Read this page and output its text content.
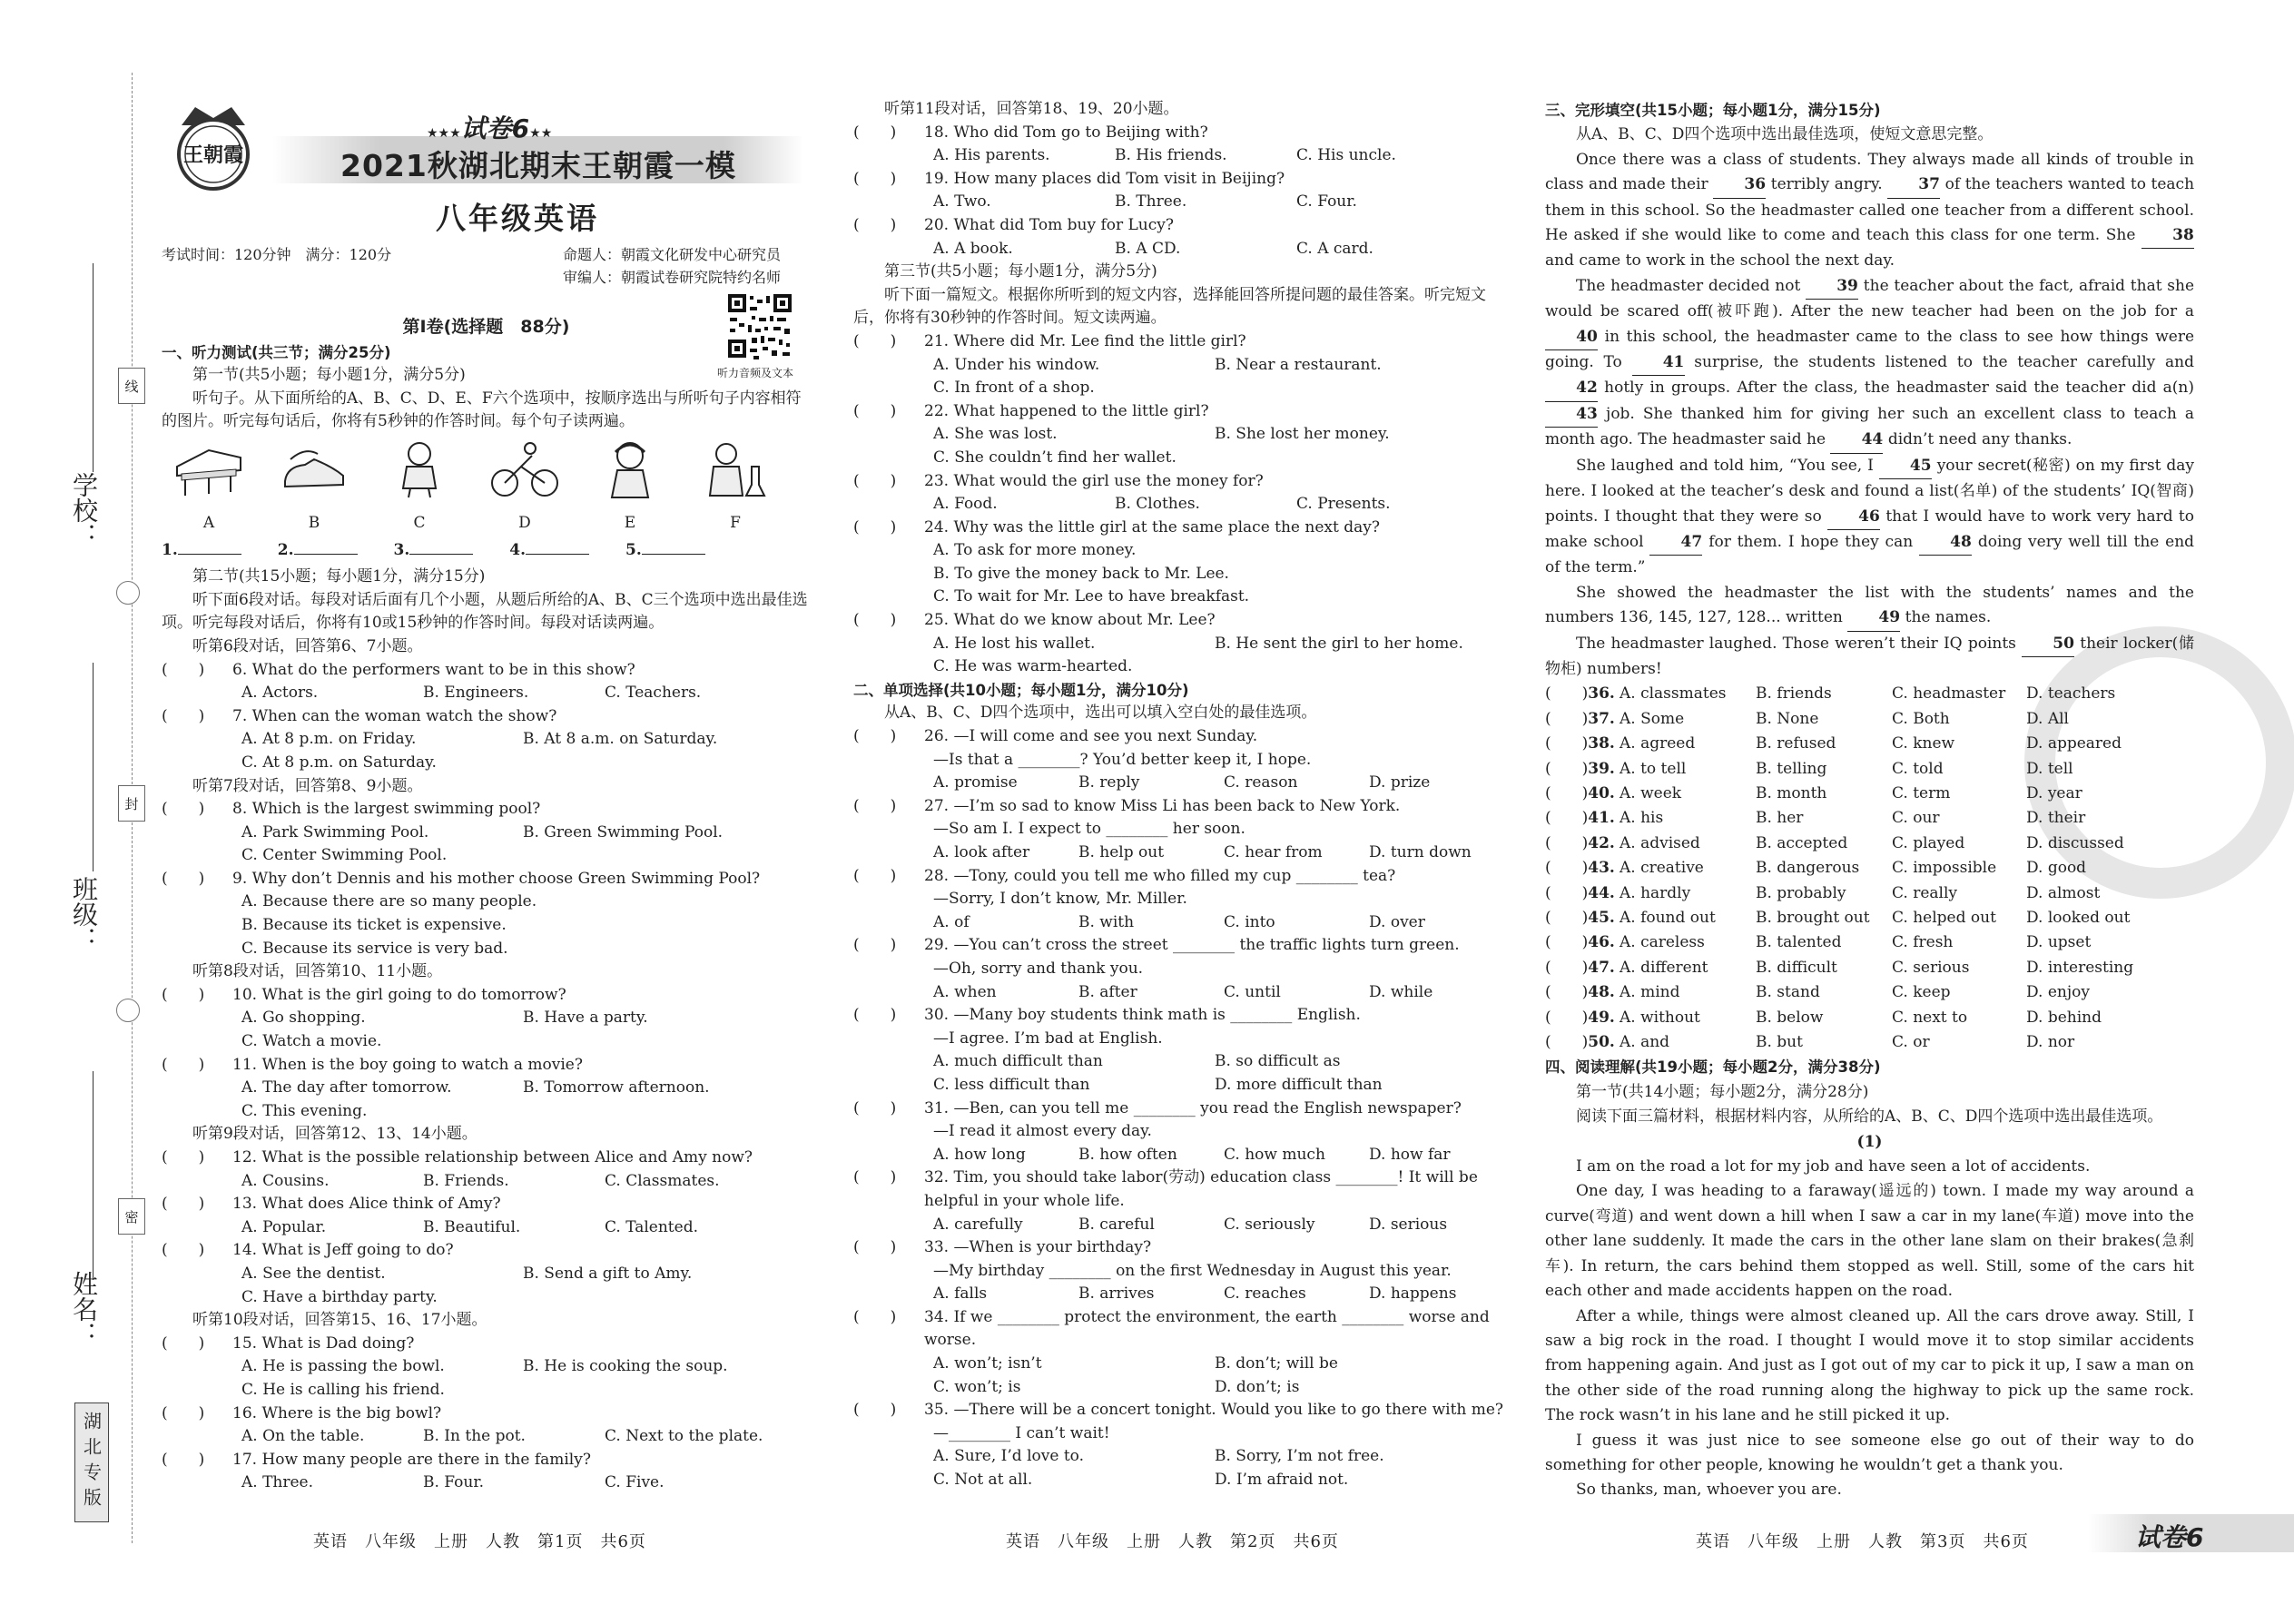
学校：
班级：
姓名：
线
封
密
湖北专版
王朝霞
★★★试卷6★★
2021秋湖北期末王朝霞一模
八年级英语
考试时间：120分钟　满分：120分	命题人：朝霞文化研发中心研究员
审编人：朝霞试卷研究院特约名师
听力音频及文本
第Ⅰ卷(选择题　88分)
一、听力测试(共三节；满分25分)
第一节(共5小题；每小题1分，满分5分)
听句子。从下面所给的A、B、C、D、E、F六个选项中，按顺序选出与所听句子内容相符的图片。听完每句话后，你将有5秒钟的作答时间。每个句子读两遍。
A	B	C	D	E	F
1.	2.	3.	4.	5.
第二节(共15小题；每小题1分，满分15分)
听下面6段对话。每段对话后面有几个小题，从题后所给的A、B、C三个选项中选出最佳选项。听完每段对话后，你将有10或15秒钟的作答时间。每段对话读两遍。
听第6段对话，回答第6、7小题。
(　　) 6. What do the performers want to be in this show?
A. Actors.	B. Engineers.	C. Teachers.
(　　) 7. When can the woman watch the show?
A. At 8 p.m. on Friday.	B. At 8 a.m. on Saturday.
C. At 8 p.m. on Saturday.
听第7段对话，回答第8、9小题。
(　　) 8. Which is the largest swimming pool?
A. Park Swimming Pool.	B. Green Swimming Pool.
C. Center Swimming Pool.
(　　) 9. Why don’t Dennis and his mother choose Green Swimming Pool?
A. Because there are so many people.
B. Because its ticket is expensive.
C. Because its service is very bad.
听第8段对话，回答第10、11小题。
(　　) 10. What is the girl going to do tomorrow?
A. Go shopping.	B. Have a party.
C. Watch a movie.
(　　) 11. When is the boy going to watch a movie?
A. The day after tomorrow.	B. Tomorrow afternoon.
C. This evening.
听第9段对话，回答第12、13、14小题。
(　　) 12. What is the possible relationship between Alice and Amy now?
A. Cousins.	B. Friends.	C. Classmates.
(　　) 13. What does Alice think of Amy?
A. Popular.	B. Beautiful.	C. Talented.
(　　) 14. What is Jeff going to do?
A. See the dentist.	B. Send a gift to Amy.
C. Have a birthday party.
听第10段对话，回答第15、16、17小题。
(　　) 15. What is Dad doing?
A. He is passing the bowl.	B. He is cooking the soup.
C. He is calling his friend.
(　　) 16. Where is the big bowl?
A. On the table.	B. In the pot.	C. Next to the plate.
(　　) 17. How many people are there in the family?
A. Three.	B. Four.	C. Five.
听第11段对话，回答第18、19、20小题。
(　　) 18. Who did Tom go to Beijing with?
A. His parents.	B. His friends.	C. His uncle.
(　　) 19. How many places did Tom visit in Beijing?
A. Two.	B. Three.	C. Four.
(　　) 20. What did Tom buy for Lucy?
A. A book.	B. A CD.	C. A card.
第三节(共5小题；每小题1分，满分5分)
听下面一篇短文。根据你所听到的短文内容，选择能回答所提问题的最佳答案。听完短文后，你将有30秒钟的作答时间。短文读两遍。
(　　) 21. Where did Mr. Lee find the little girl?
A. Under his window.	B. Near a restaurant.
C. In front of a shop.
(　　) 22. What happened to the little girl?
A. She was lost.	B. She lost her money.
C. She couldn’t find her wallet.
(　　) 23. What would the girl use the money for?
A. Food.	B. Clothes.	C. Presents.
(　　) 24. Why was the little girl at the same place the next day?
A. To ask for more money.
B. To give the money back to Mr. Lee.
C. To wait for Mr. Lee to have breakfast.
(　　) 25. What do we know about Mr. Lee?
A. He lost his wallet.	B. He sent the girl to her home.
C. He was warm-hearted.
二、单项选择(共10小题；每小题1分，满分10分)
从A、B、C、D四个选项中，选出可以填入空白处的最佳选项。
(　　) 26. —I will come and see you next Sunday.
—Is that a ________? You’d better keep it, I hope.
A. promise	B. reply	C. reason	D. prize
(　　) 27. —I’m so sad to know Miss Li has been back to New York.
—So am I. I expect to ________ her soon.
A. look after	B. help out	C. hear from	D. turn down
(　　) 28. —Tony, could you tell me who filled my cup ________ tea?
—Sorry, I don’t know, Mr. Miller.
A. of	B. with	C. into	D. over
(　　) 29. —You can’t cross the street ________ the traffic lights turn green.
—Oh, sorry and thank you.
A. when	B. after	C. until	D. while
(　　) 30. —Many boy students think math is ________ English.
—I agree. I’m bad at English.
A. much difficult than	B. so difficult as
C. less difficult than	D. more difficult than
(　　) 31. —Ben, can you tell me ________ you read the English newspaper?
—I read it almost every day.
A. how long	B. how often	C. how much	D. how far
(　　) 32. Tim, you should take labor(劳动) education class ________! It will be helpful in your whole life.
A. carefully	B. careful	C. seriously	D. serious
(　　) 33. —When is your birthday?
—My birthday ________ on the first Wednesday in August this year.
A. falls	B. arrives	C. reaches	D. happens
(　　) 34. If we ________ protect the environment, the earth ________ worse and worse.
A. won’t; isn’t	B. don’t; will be
C. won’t; is	D. don’t; is
(　　) 35. —There will be a concert tonight. Would you like to go there with me?
—________ I can’t wait!
A. Sure, I’d love to.	B. Sorry, I’m not free.
C. Not at all.	D. I’m afraid not.
三、完形填空(共15小题；每小题1分，满分15分)
从A、B、C、D四个选项中选出最佳选项，使短文意思完整。
Once there was a class of students. They always made all kinds of trouble in class and made their 36 terribly angry. 37 of the teachers wanted to teach them in this school. So the headmaster called one teacher from a different school. He asked if she would like to come and teach this class for one term. She 38 and came to work in the school the next day.
The headmaster decided not 39 the teacher about the fact, afraid that she would be scared off(被吓跑). After the new teacher had been on the job for a 40 in this school, the headmaster came to the class to see how things were going. To	41 surprise, the students listened to the teacher carefully and 42 hotly in groups. After the class, the headmaster said the teacher did a(n) 43 job. She thanked him for giving her such an excellent class to teach a month ago. The headmaster said he 44 didn’t need any thanks.
She laughed and told him, “You see, I 45 your secret(秘密) on my first day here. I looked at the teacher’s desk and found a list(名单) of the students’ IQ(智商) points. I thought that they were so 46 that I would have to work very hard to make school 47 for them. I hope they can 48 doing very well till the end of the term.”
She showed the headmaster the list with the students’ names and the numbers 136, 145, 127, 128... written 49 the names.
The headmaster laughed. Those weren’t their IQ points 50 their locker(储物柜) numbers!
(　　)36. A. classmates	B. friends	C. headmaster	D. teachers
(　　)37. A. Some	B. None	C. Both	D. All
(　　)38. A. agreed	B. refused	C. knew	D. appeared
(　　)39. A. to tell	B. telling	C. told	D. tell
(　　)40. A. week	B. month	C. term	D. year
(　　)41. A. his	B. her	C. our	D. their
(　　)42. A. advised	B. accepted	C. played	D. discussed
(　　)43. A. creative	B. dangerous	C. impossible	D. good
(　　)44. A. hardly	B. probably	C. really	D. almost
(　　)45. A. found out	B. brought out	C. helped out	D. looked out
(　　)46. A. careless	B. talented	C. fresh	D. upset
(　　)47. A. different	B. difficult	C. serious	D. interesting
(　　)48. A. mind	B. stand	C. keep	D. enjoy
(　　)49. A. without	B. below	C. next to	D. behind
(　　)50. A. and	B. but	C. or	D. nor
四、阅读理解(共19小题；每小题2分，满分38分)
第一节(共14小题；每小题2分，满分28分)
阅读下面三篇材料，根据材料内容，从所给的A、B、C、D四个选项中选出最佳选项。
(1)
I am on the road a lot for my job and have seen a lot of accidents.
One day, I was heading to a faraway(遥远的) town. I made my way around a curve(弯道) and went down a hill when I saw a car in my lane(车道) move into the other lane suddenly. It made the cars in the other lane slam on their brakes(急刹车). In return, the cars behind them stopped as well. Still, some of the cars hit each other and made accidents happen on the road.
After a while, things were almost cleaned up. All the cars drove away. Still, I saw a big rock in the road. I thought I would move it to stop similar accidents from happening again. And just as I got out of my car to pick it up, I saw a man on the other side of the road running along the highway to pick up the same rock. The rock wasn’t in his lane and he still picked it up.
I guess it was just nice to see someone else go out of their way to do something for other people, knowing he wouldn’t get a thank you.
So thanks, man, whoever you are.
英语　八年级　上册　人教　第1页　共6页	英语　八年级　上册　人教　第2页　共6页	英语　八年级　上册　人教　第3页　共6页	试卷6
